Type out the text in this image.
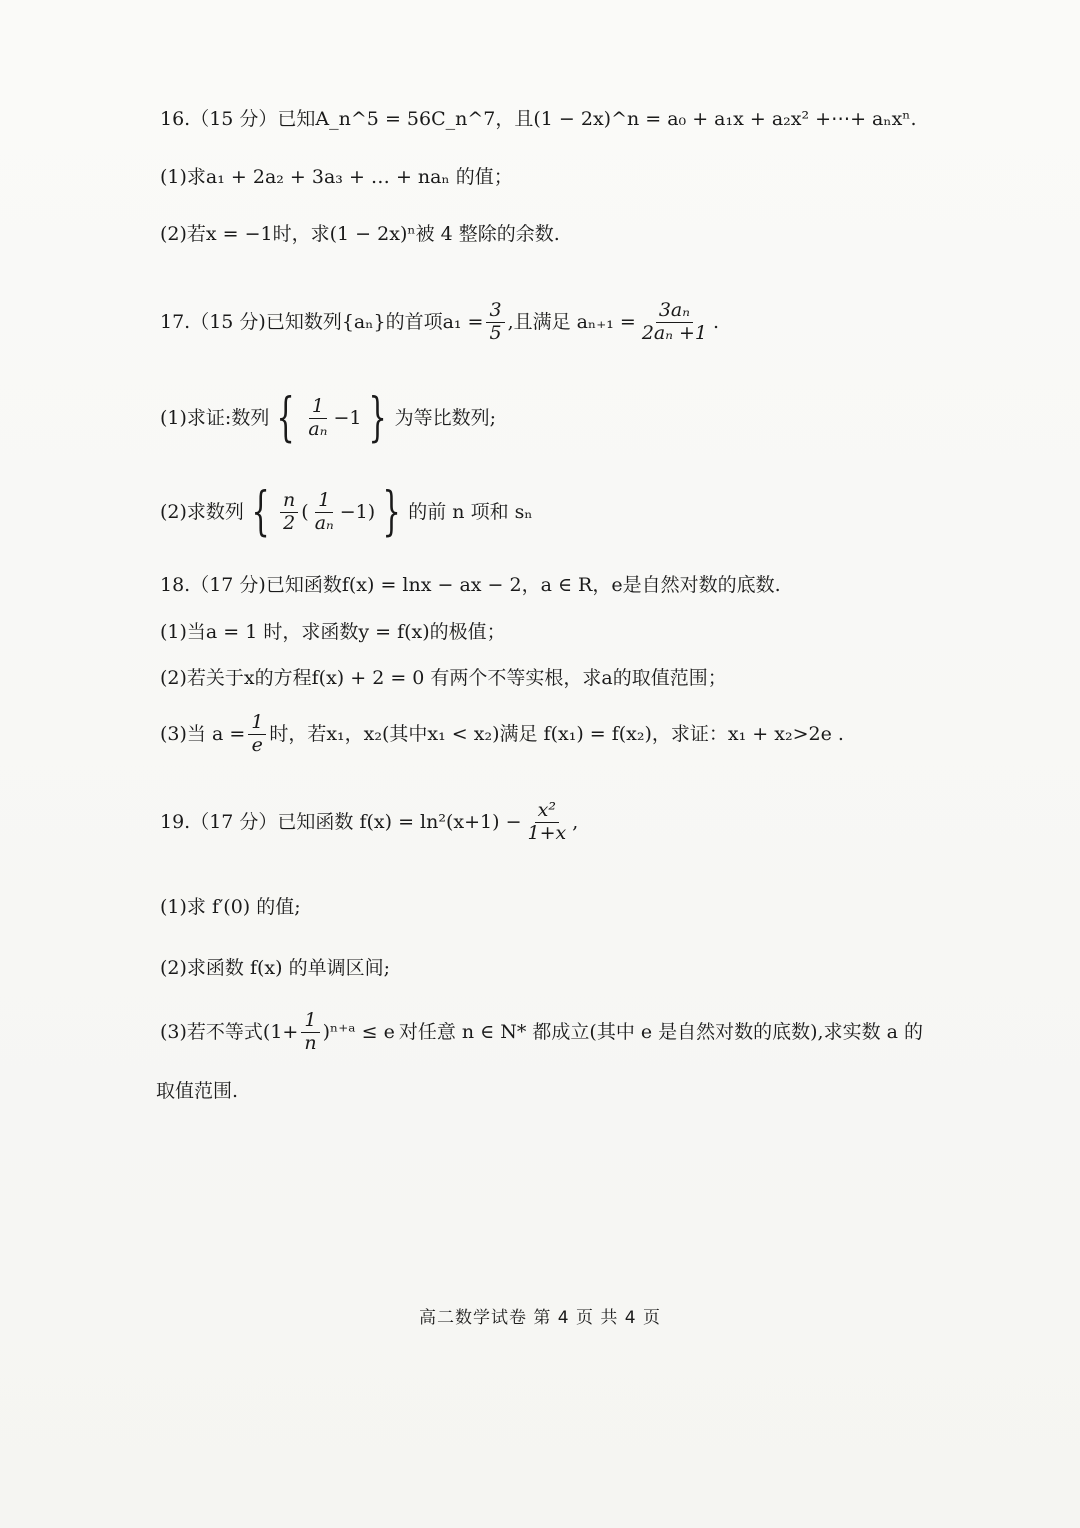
16.（15 分）已知A_n^5 = 56C_n^7，且(1 − 2x)^n = a₀ + a₁x + a₂x² +⋯+ aₙxⁿ.
(1)求a₁ + 2a₂ + 3a₃ + … + naₙ 的值；
(2)若x = −1时，求(1 − 2x)ⁿ被 4 整除的余数.
17.（15 分)已知数列{aₙ}的首项$a_1 = \frac{3}{5}$ ,且满足 $a_{n+1} = \frac{\text{3aₙ}}{\text{2aₙ +1}}$ .
(1)求证:数列 { $\frac{1}{\text{aₙ}} -1$ } 为等比数列;
(2)求数列 { $\frac{n}{2}$ ( $\frac{1}{\text{aₙ}} -1$ ) } 的前 n 项和 sₙ
18.（17 分)已知函数f(x) = lnx − ax − 2，a ∈ R，e是自然对数的底数.
(1)当a = 1 时，求函数y = f(x)的极值；
(2)若关于x的方程f(x) + 2 = 0 有两个不等实根，求a的取值范围；
(3)当 $a = \frac{1}{e}$ 时，若x₁，x₂(其中x₁ < x₂)满足 f(x₁) = f(x₂)，求证：x₁ + x₂>2e .
19.（17 分）已知函数 $f(x) = \ln^2(x+1) - \frac{\text{x²}}{1+x}$ ,
(1)求 f′(0) 的值;
(2)求函数 f(x) 的单调区间;
(3)若不等式 ($1+ \frac{1}{n}$ )ⁿ⁺ᵃ ≤ e 对任意 n ∈ N* 都成立(其中 e 是自然对数的底数),求实数 a 的
取值范围.
高二数学试卷 第 4 页 共 4 页
